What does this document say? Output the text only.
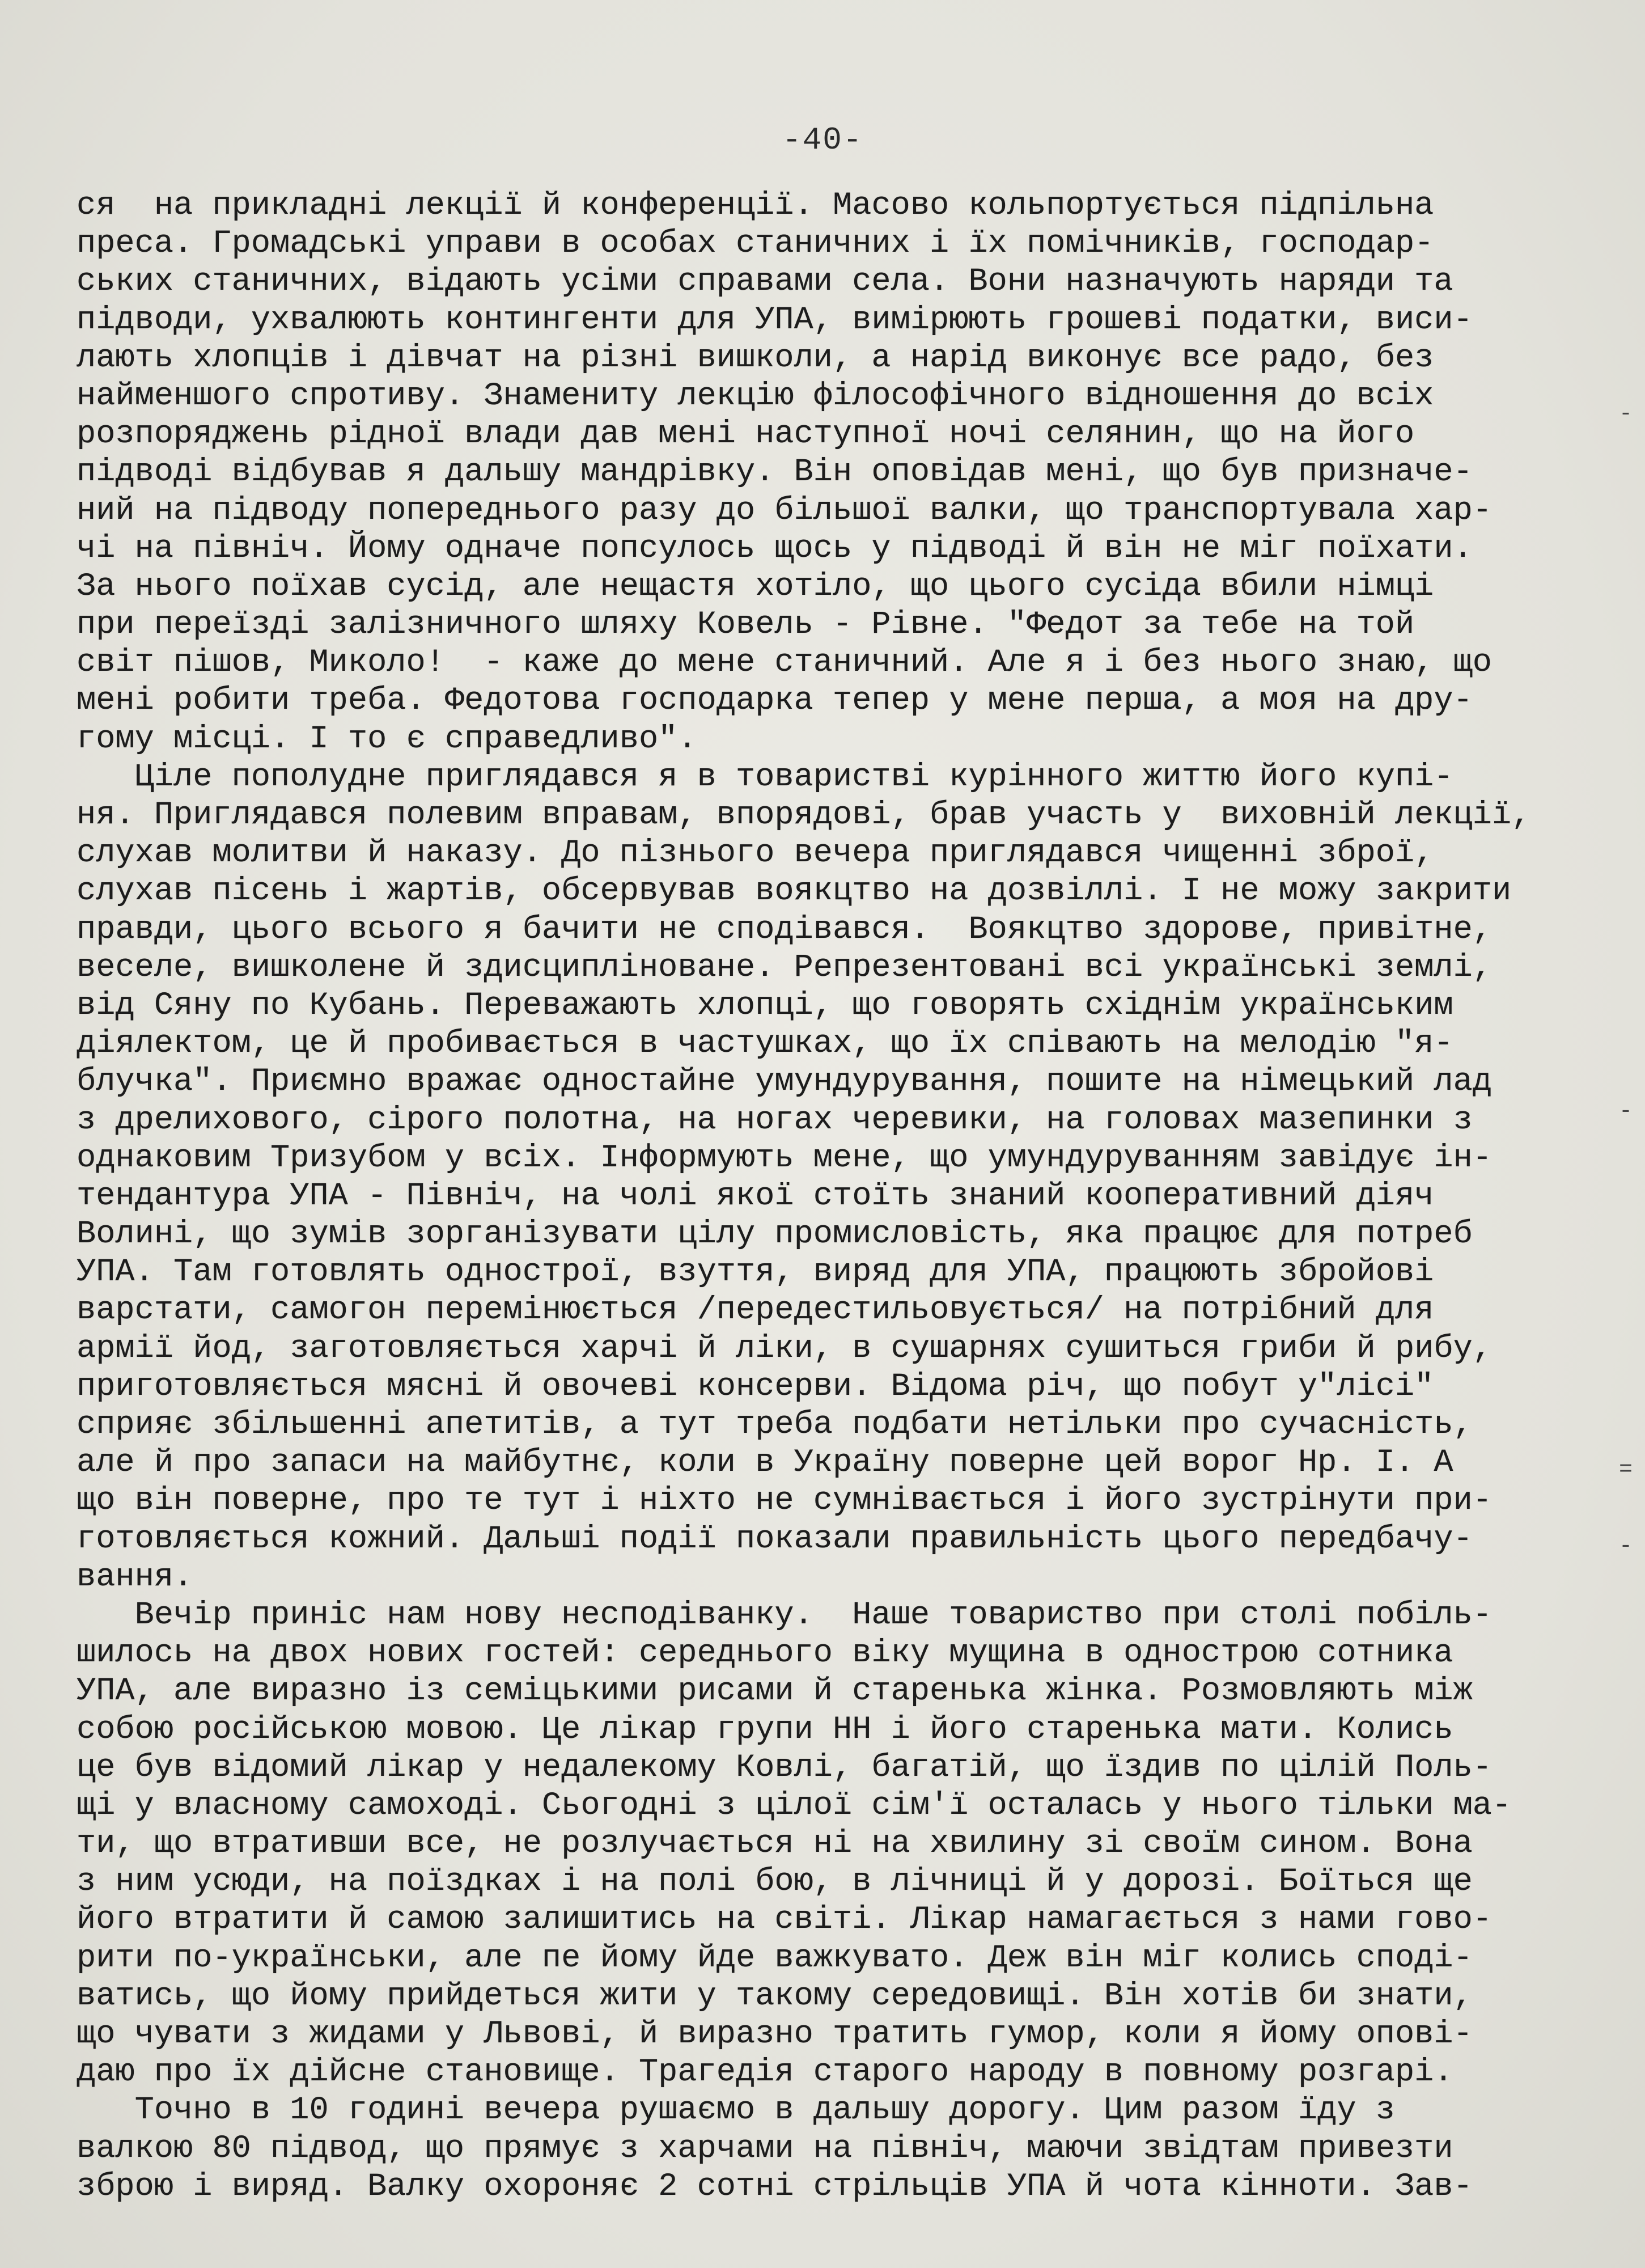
-40-
ся  на прикладні лекції й конференції. Масово кольпортується підпільна
преса. Громадські управи в особах станичних і їх помічників, господар-
ських станичних, відають усіми справами села. Вони назначують наряди та
підводи, ухвалюють контингенти для УПА, вимірюють грошеві податки, виси-
лають хлопців і дівчат на різні вишколи, а нарід виконує все радо, без
найменшого спротиву. Знамениту лекцію філософічного відношення до всіх
розпоряджень рідної влади дав мені наступної ночі селянин, що на його
підводі відбував я дальшу мандрівку. Він оповідав мені, що був призначе-
ний на підводу попереднього разу до більшої валки, що транспортувала хар-
чі на північ. Йому одначе попсулось щось у підводі й він не міг поїхати.
За нього поїхав сусід, але нещастя хотіло, що цього сусіда вбили німці
при переїзді залізничного шляху Ковель - Рівне. "Федот за тебе на той
світ пішов, Миколо!  - каже до мене станичний. Але я і без нього знаю, що
мені робити треба. Федотова господарка тепер у мене перша, а моя на дру-
гому місці. І то є справедливо".
Ціле пополудне приглядався я в товаристві курінного життю його купі-
ня. Приглядався полевим вправам, впорядові, брав участь у  виховній лекції,
слухав молитви й наказу. До пізнього вечера приглядався чищенні зброї,
слухав пісень і жартів, обсервував воякцтво на дозвіллі. І не можу закрити
правди, цього всього я бачити не сподівався.  Воякцтво здорове, привітне,
веселе, вишколене й здисципліноване. Репрезентовані всі українські землі,
від Сяну по Кубань. Переважають хлопці, що говорять східнім українським
діялектом, це й пробивається в частушках, що їх співають на мелодію "я-
блучка". Приємно вражає одностайне умундурування, пошите на німецький лад
з дрелихового, сірого полотна, на ногах черевики, на головах мазепинки з
однаковим Тризубом у всіх. Інформують мене, що умундуруванням завідує ін-
тендантура УПА - Північ, на чолі якої стоїть знаний кооперативний діяч
Волині, що зумів зорганізувати цілу промисловість, яка працює для потреб
УПА. Там готовлять однострої, взуття, виряд для УПА, працюють збройові
варстати, самогон перемінюється /передестильовується/ на потрібний для
армії йод, заготовляється харчі й ліки, в сушарнях сушиться гриби й рибу,
приготовляється мясні й овочеві консерви. Відома річ, що побут у"лісі"
сприяє збільшенні апетитів, а тут треба подбати нетільки про сучасність,
але й про запаси на майбутнє, коли в Україну поверне цей ворог Нр. І. А
що він поверне, про те тут і ніхто не сумнівається і його зустрінути при-
готовляється кожний. Дальші події показали правильність цього передбачу-
вання.
Вечір приніс нам нову несподіванку.  Наше товариство при столі побіль-
шилось на двох нових гостей: середнього віку мущина в однострою сотника
УПА, але виразно із семіцькими рисами й старенька жінка. Розмовляють між
собою російською мовою. Це лікар групи НН і його старенька мати. Колись
це був відомий лікар у недалекому Ковлі, багатій, що їздив по цілій Поль-
щі у власному самоході. Сьогодні з цілої сім'ї осталась у нього тільки ма-
ти, що втративши все, не розлучається ні на хвилину зі своїм сином. Вона
з ним усюди, на поїздках і на полі бою, в лічниці й у дорозі. Боїться ще
його втратити й самою залишитись на світі. Лікар намагається з нами гово-
рити по-українськи, але пе йому йде важкувато. Деж він міг колись споді-
ватись, що йому прийдеться жити у такому середовищі. Він хотів би знати,
що чувати з жидами у Львові, й виразно тратить гумор, коли я йому опові-
даю про їх дійсне становище. Трагедія старого народу в повному розгарі.
Точно в 10 годині вечера рушаємо в дальшу дорогу. Цим разом їду з
валкою 80 підвод, що прямує з харчами на північ, маючи звідтам привезти
зброю і виряд. Валку охороняє 2 сотні стрільців УПА й чота кінноти. Зав-
-
-
=
-
